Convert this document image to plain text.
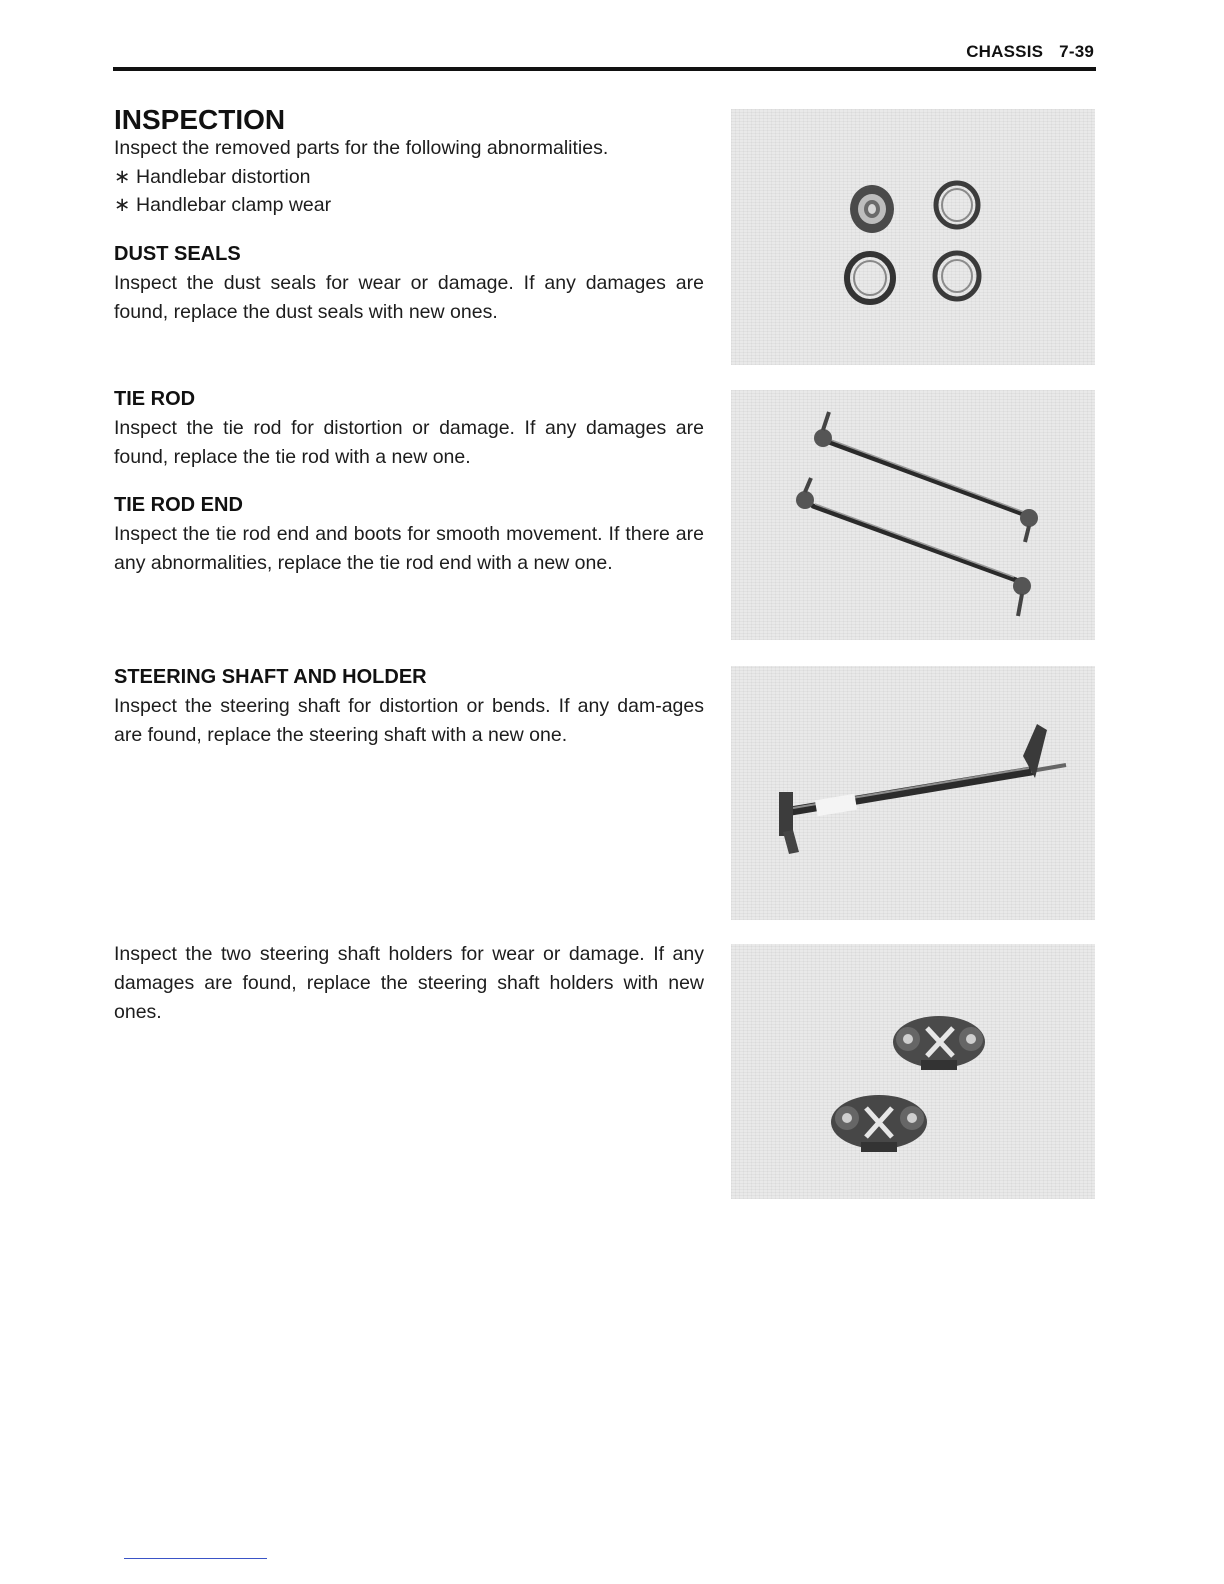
CHASSIS 7-39
INSPECTION

Inspect the removed parts for the following abnormalities.

∗ Handlebar distortion

∗ Handlebar clamp wear

DUST SEALS

Inspect the dust seals for wear or damage. If any damages are found, replace the dust seals with new ones.

TIE ROD

Inspect the tie rod for distortion or damage. If any damages are found, replace the tie rod with a new one.

TIE ROD END

Inspect the tie rod end and boots for smooth movement. If there are any abnormalities, replace the tie rod end with a new one.

STEERING SHAFT AND HOLDER

Inspect the steering shaft for distortion or bends. If any dam-ages are found, replace the steering shaft with a new one.

Inspect the two steering shaft holders for wear or damage. If any damages are found, replace the steering shaft holders with new ones.
